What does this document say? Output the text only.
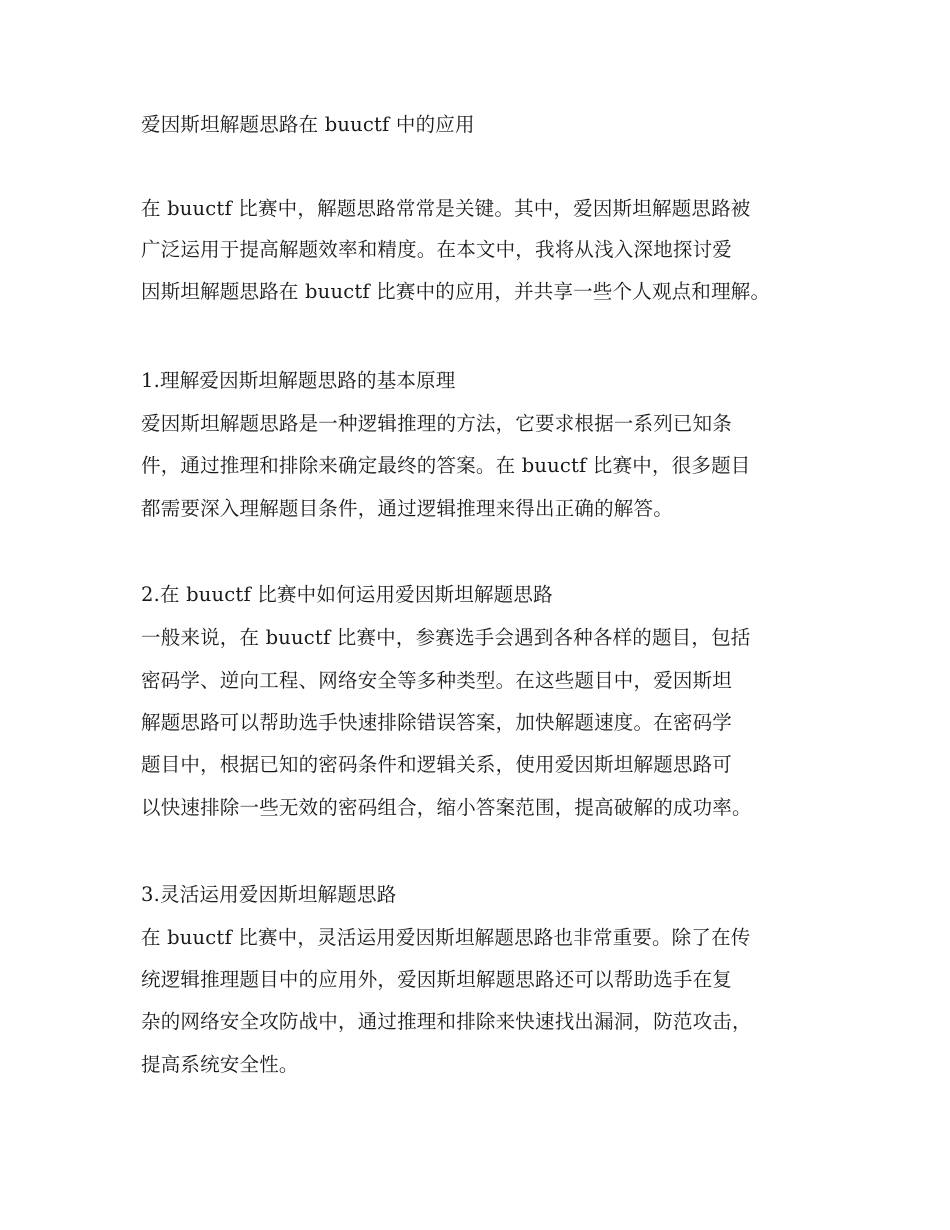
爱因斯坦解题思路在 buuctf 中的应用

在 buuctf 比赛中，解题思路常常是关键。其中，爱因斯坦解题思路被

广泛运用于提高解题效率和精度。在本文中，我将从浅入深地探讨爱

因斯坦解题思路在 buuctf 比赛中的应用，并共享一些个人观点和理解。

1.理解爱因斯坦解题思路的基本原理

爱因斯坦解题思路是一种逻辑推理的方法，它要求根据一系列已知条

件，通过推理和排除来确定最终的答案。在 buuctf 比赛中，很多题目

都需要深入理解题目条件，通过逻辑推理来得出正确的解答。

2.在 buuctf 比赛中如何运用爱因斯坦解题思路

一般来说，在 buuctf 比赛中，参赛选手会遇到各种各样的题目，包括

密码学、逆向工程、网络安全等多种类型。在这些题目中，爱因斯坦

解题思路可以帮助选手快速排除错误答案，加快解题速度。在密码学

题目中，根据已知的密码条件和逻辑关系，使用爱因斯坦解题思路可

以快速排除一些无效的密码组合，缩小答案范围，提高破解的成功率。

3.灵活运用爱因斯坦解题思路

在 buuctf 比赛中，灵活运用爱因斯坦解题思路也非常重要。除了在传

统逻辑推理题目中的应用外，爱因斯坦解题思路还可以帮助选手在复

杂的网络安全攻防战中，通过推理和排除来快速找出漏洞，防范攻击，

提高系统安全性。
